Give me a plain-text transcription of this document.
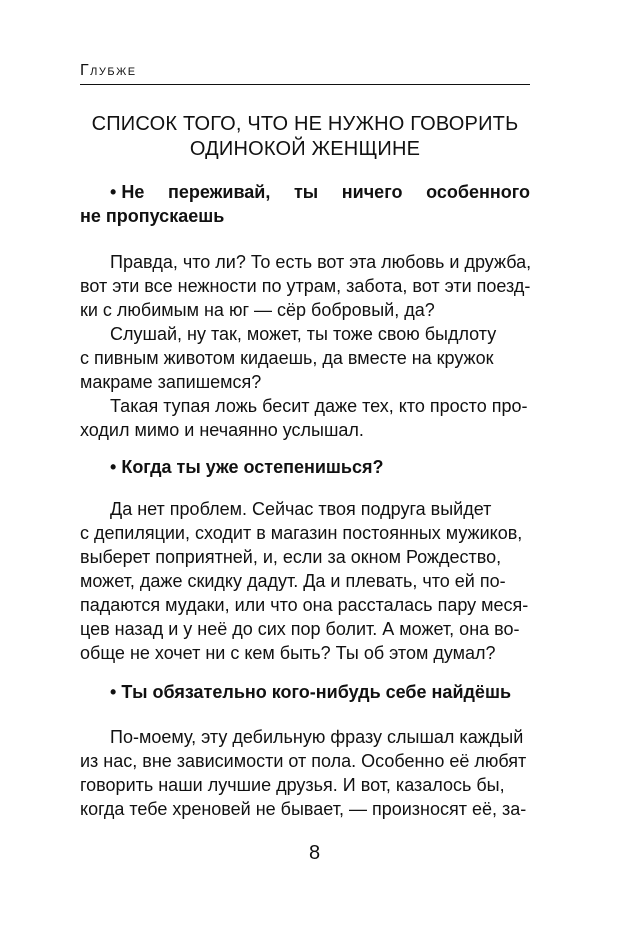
Глубже
СПИСОК ТОГО, ЧТО НЕ НУЖНО ГОВОРИТЬ
ОДИНОКОЙ ЖЕНЩИНЕ
• Не переживай, ты ничего особенного
не пропускаешь
Правда, что ли? То есть вот эта любовь и дружба,
вот эти все нежности по утрам, забота, вот эти поезд-
ки с любимым на юг — сёр бобровый, да?
Слушай, ну так, может, ты тоже свою быдлоту
с пивным животом кидаешь, да вместе на кружок
макраме запишемся?
Такая тупая ложь бесит даже тех, кто просто про-
ходил мимо и нечаянно услышал.
• Когда ты уже остепенишься?
Да нет проблем. Сейчас твоя подруга выйдет
с депиляции, сходит в магазин постоянных мужиков,
выберет поприятней, и, если за окном Рождество,
может, даже скидку дадут. Да и плевать, что ей по-
падаются мудаки, или что она рассталась пару меся-
цев назад и у неё до сих пор болит. А может, она во-
обще не хочет ни с кем быть? Ты об этом думал?
• Ты обязательно кого-нибудь себе найдёшь
По-моему, эту дебильную фразу слышал каждый
из нас, вне зависимости от пола. Особенно её любят
говорить наши лучшие друзья. И вот, казалось бы,
когда тебе хреновей не бывает, — произносят её, за-
8
